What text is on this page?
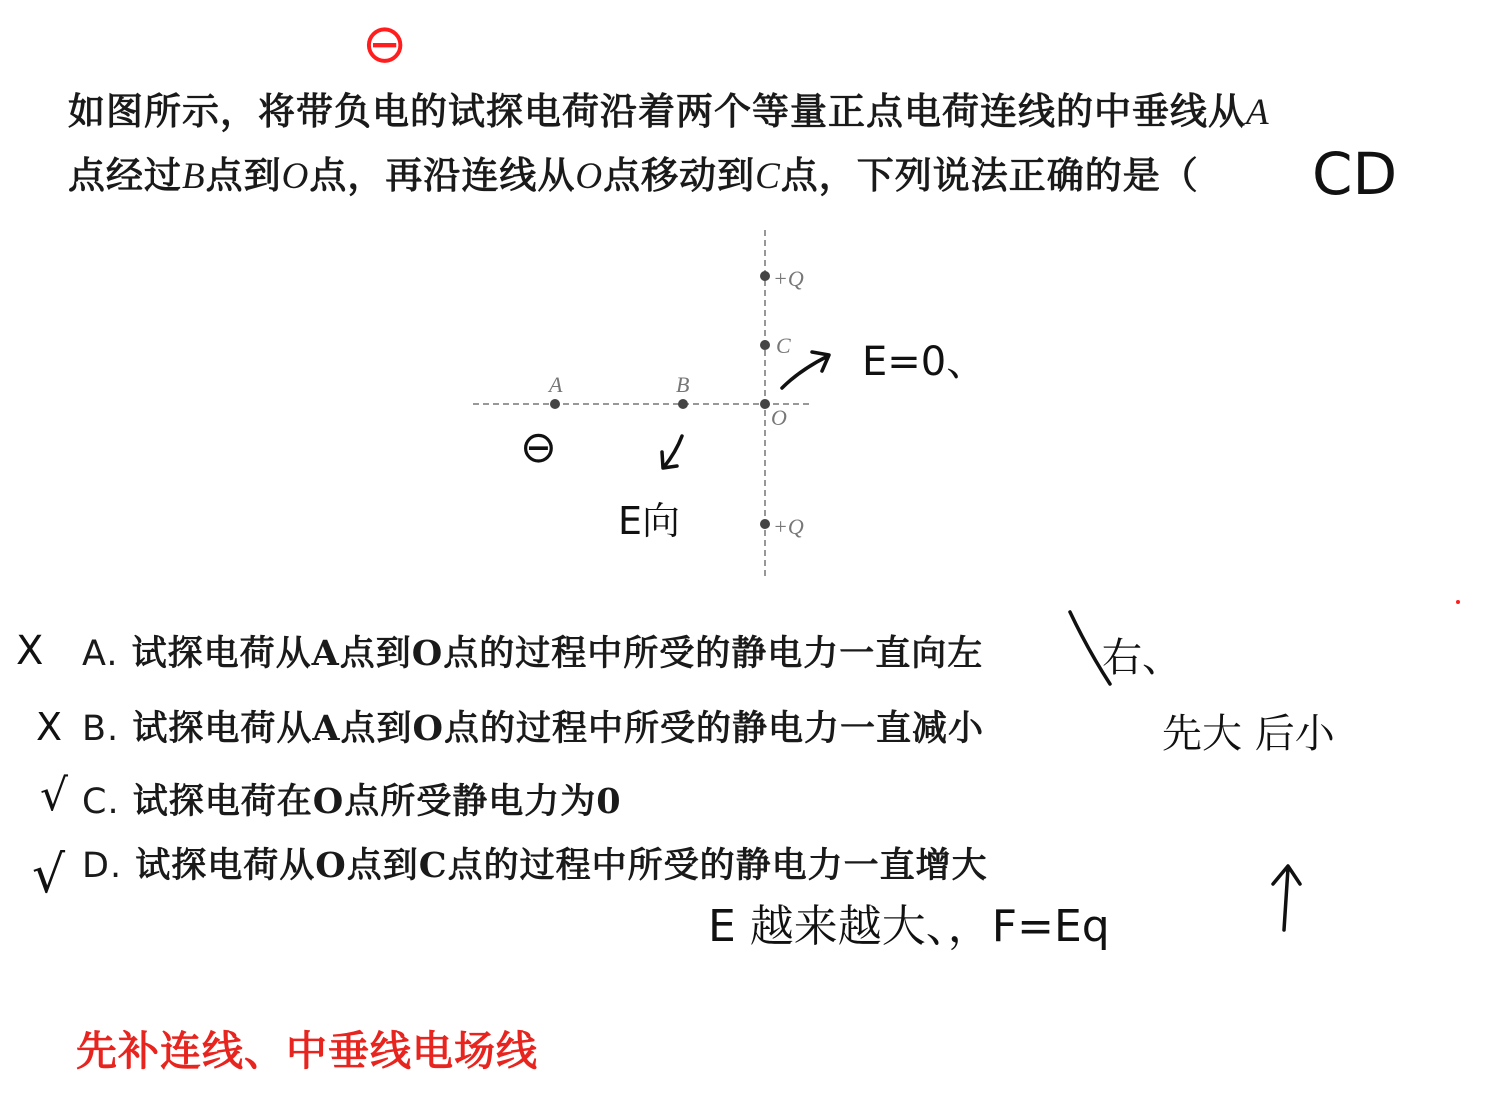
如图所示，将带负电的试探电荷沿着两个等量正点电荷连线的中垂线从A
点经过B点到O点，再沿连线从O点移动到C点，下列说法正确的是（
+Q
C
A	B
O
+Q
A. 试探电荷从A点到O点的过程中所受的静电力一直向左
B. 试探电荷从A点到O点的过程中所受的静电力一直减小
C. 试探电荷在O点所受静电力为0
D. 试探电荷从O点到C点的过程中所受的静电力一直增大
先补连线、中垂线电场线
CD
E=0、
E向
右、
先大 后小
E 越来越大、，F=Eq
X
X
√
√
⊖
⊖
